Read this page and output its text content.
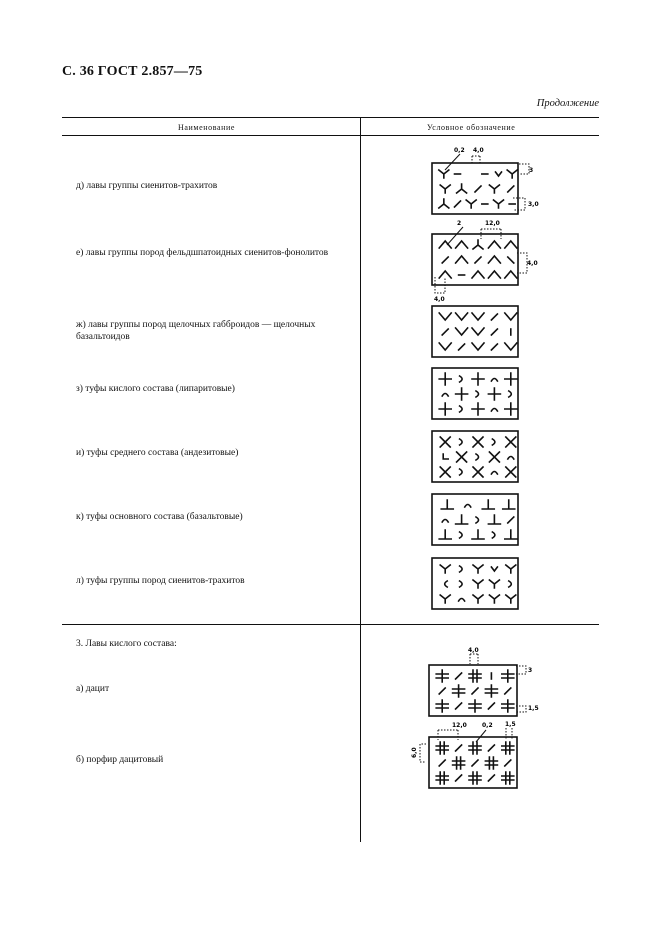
С. 36 ГОСТ 2.857—75
Продолжение
Наименование	Условное обозначение
д) лавы группы сиенитов-трахитов
е) лавы группы пород фельдшпатоидных сиенитов-фонолитов
ж) лавы группы пород щелочных габброидов — щелочных базальтоидов
з) туфы кислого состава (липаритовые)
и) туфы среднего состава (андезитовые)
к) туфы основного состава (базальтовые)
л) туфы группы пород сиенитов-трахитов
3. Лавы кислого состава:
а) дацит
б) порфир дацитовый
0,2 4,0
3
3,0
2	12,0
4,0
4,0
4,0
3
1,5
12,0	0,2 1,5
6,0
